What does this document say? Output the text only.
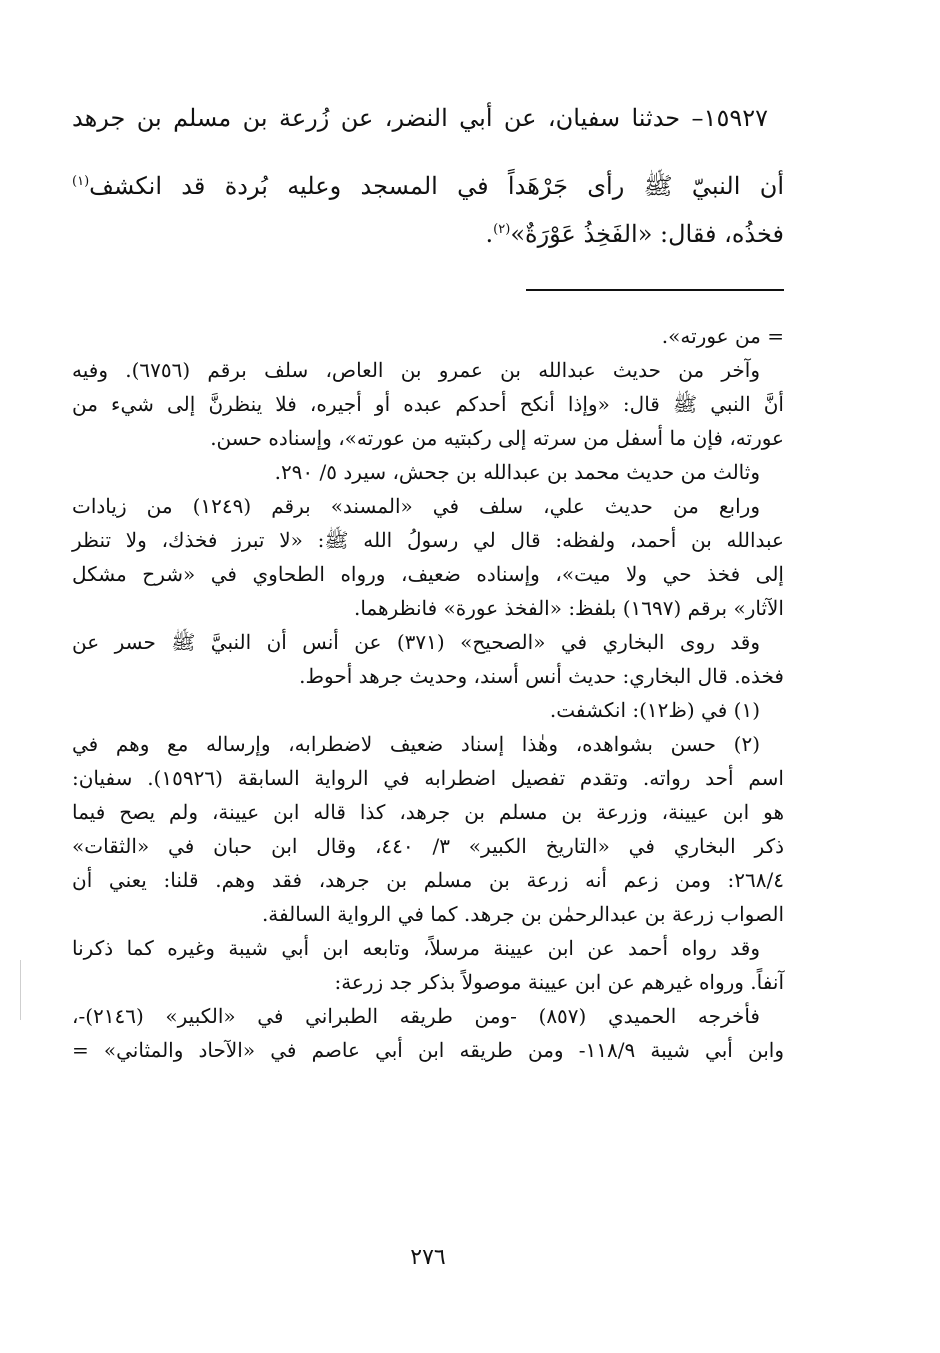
١٥٩٢٧– حدثنا سفيان، عن أبي النضر، عن زُرعة بن مسلم بن جرهد

أن النبيّ ﷺ رأى جَرْهَداً في المسجد وعليه بُردة قد انكشف$^{(١)}$

فخذُه، فقال: «الفَخِذُ عَوْرَةٌ»$^{(٢)}$.

= من عورته».

وآخر من حديث عبدالله بن عمرو بن العاص، سلف برقم (٦٧٥٦). وفيه

أنَّ النبي ﷺ قال: «وإذا أنكح أحدكم عبده أو أجيره، فلا ينظرنَّ إلى شيء من

عورته، فإن ما أسفل من سرته إلى ركبتيه من عورته»، وإسناده حسن.

وثالث من حديث محمد بن عبدالله بن جحش، سيرد ٥/ ٢٩٠.

ورابع من حديث علي، سلف في «المسند» برقم (١٢٤٩) من زيادات

عبدالله بن أحمد، ولفظه: قال لي رسولُ الله ﷺ: «لا تبرز فخذك، ولا تنظر

إلى فخذ حي ولا ميت»، وإسناده ضعيف، ورواه الطحاوي في «شرح مشكل

الآثار» برقم (١٦٩٧) بلفظ: «الفخذ عورة» فانظرهما.

وقد روى البخاري في «الصحيح» (٣٧١) عن أنس أن النبيَّ ﷺ حسر عن

فخذه. قال البخاري: حديث أنس أسند، وحديث جرهد أحوط.

(١) في (ظ١٢): انكشفت.

(٢) حسن بشواهده، وهٰذا إسناد ضعيف لاضطرابه، وإرساله مع وهم في

اسم أحد رواته. وتقدم تفصيل اضطرابه في الرواية السابقة (١٥٩٢٦). سفيان:

هو ابن عيينة، وزرعة بن مسلم بن جرهد، كذا قاله ابن عيينة، ولم يصح فيما

ذكر البخاري في «التاريخ الكبير» ٣/ ٤٤٠، وقال ابن حبان في «الثقات»

٢٦٨/٤: ومن زعم أنه زرعة بن مسلم بن جرهد، فقد وهم. قلنا: يعني أن

الصواب زرعة بن عبدالرحمٰن بن جرهد. كما في الرواية السالفة.

وقد رواه أحمد عن ابن عيينة مرسلاً، وتابعه ابن أبي شيبة وغيره كما ذكرنا

آنفاً. ورواه غيرهم عن ابن عيينة موصولاً بذكر جد زرعة:

فأخرجه الحميدي (٨٥٧) -ومن طريقه الطبراني في «الكبير» (٢١٤٦)-،

وابن أبي شيبة ١١٨/٩- ومن طريقه ابن أبي عاصم في «الآحاد والمثاني» =

٢٧٦
